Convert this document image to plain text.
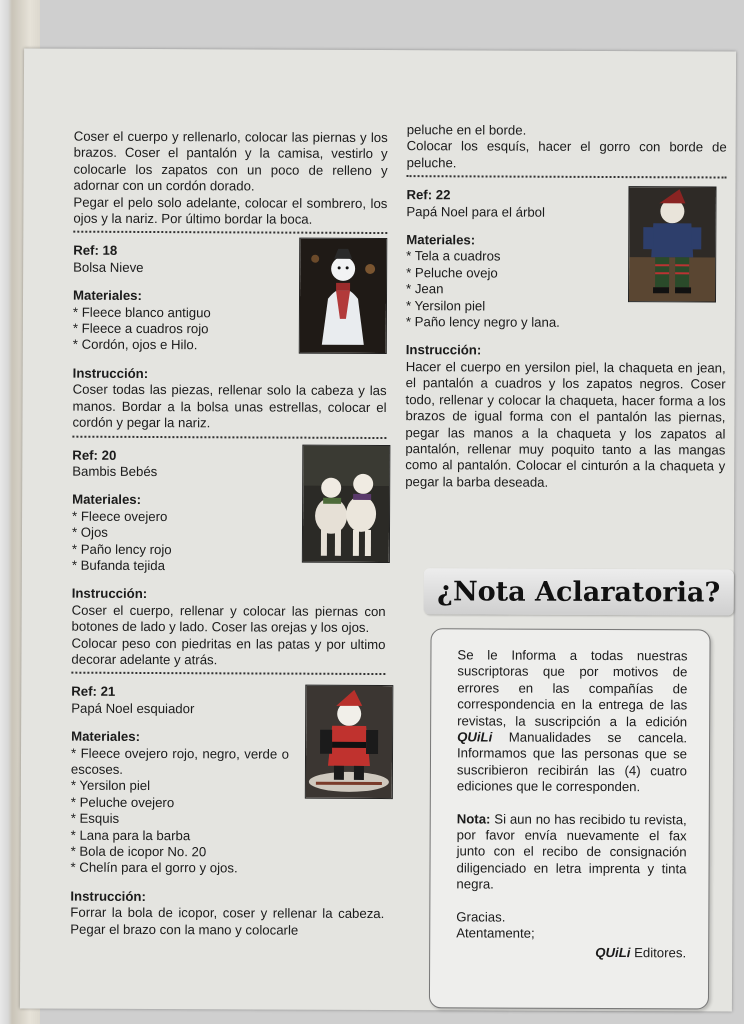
Coser el cuerpo y rellenarlo, colocar las piernas y los brazos. Coser el pantalón y la camisa, vestirlo y colocarle los zapatos con un poco de relleno y adornar con un cordón dorado.

Pegar el pelo solo adelante, colocar el sombrero, los ojos y la nariz. Por último bordar la boca.

Ref: 18

Bolsa Nieve

Materiales:

* Fleece blanco antiguo

* Fleece a cuadros rojo

* Cordón, ojos e Hilo.

Instrucción:

Coser todas las piezas, rellenar solo la cabeza y las manos. Bordar a la bolsa unas estrellas, colocar el cordón y pegar la nariz.

Ref: 20

Bambis Bebés

Materiales:

* Fleece ovejero

* Ojos

* Paño lency rojo

* Bufanda tejida

Instrucción:

Coser el cuerpo, rellenar y colocar las piernas con botones de lado y lado. Coser las orejas y los ojos.

Colocar peso con piedritas en las patas y por ultimo decorar adelante y atrás.

Ref: 21

Papá Noel esquiador

Materiales:

* Fleece ovejero rojo, negro, verde o escoses.

* Yersilon piel

* Peluche ovejero

* Esquis

* Lana para la barba

* Bola de icopor No. 20

* Chelín para el gorro y ojos.

Instrucción:

Forrar la bola de icopor, coser y rellenar la cabeza. Pegar el brazo con la mano y colocarle

peluche en el borde.

Colocar los esquís, hacer el gorro con borde de peluche.

Ref: 22

Papá Noel para el árbol

Materiales:

* Tela a cuadros

* Peluche ovejo

* Jean

* Yersilon piel

* Paño lency negro y lana.

Instrucción:

Hacer el cuerpo en yersilon piel, la chaqueta en jean, el pantalón a cuadros y los zapatos negros. Coser todo, rellenar y colocar la chaqueta, hacer forma a los brazos de igual forma con el pantalón las piernas, pegar las manos a la chaqueta y los zapatos al pantalón, rellenar muy poquito tanto a las mangas como al pantalón. Colocar el cinturón a la chaqueta y pegar la barba deseada.

¿Nota Aclaratoria?

Se le Informa a todas nuestras suscriptoras que por motivos de errores en las compañías de correspondencia en la entrega de las revistas, la suscripción a la edición QUiLi Manualidades se cancela. Informamos que las personas que se suscribieron recibirán las (4) cuatro ediciones que le corresponden.

Nota: Si aun no has recibido tu revista, por favor envía nuevamente el fax junto con el recibo de consignación diligenciado en letra imprenta y tinta negra.

Gracias.

Atentamente;

QUiLi Editores.
